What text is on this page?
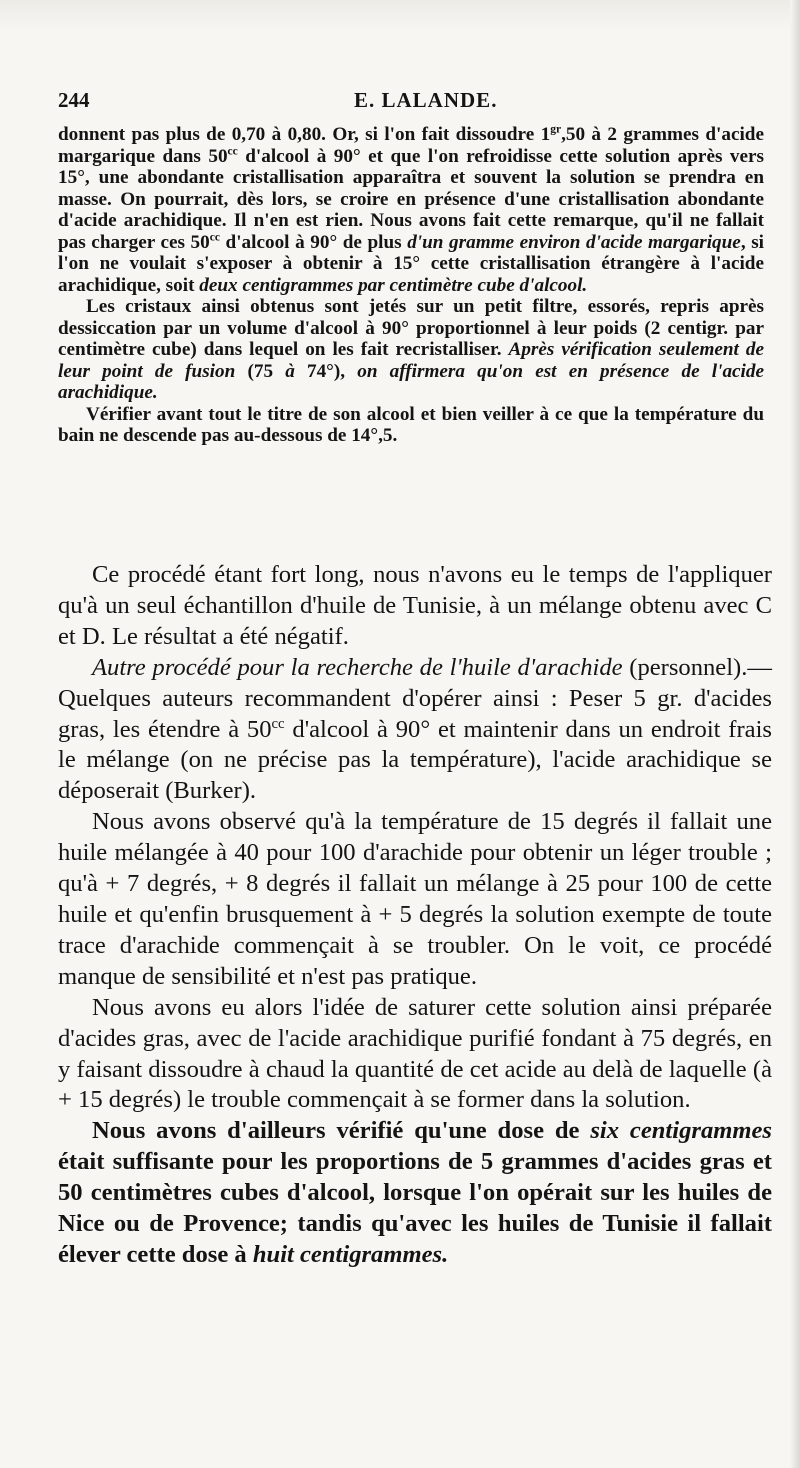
244	E. LALANDE.

donnent pas plus de 0,70 à 0,80. Or, si l'on fait dissoudre $1^{gr},50$ à 2 grammes d'acide margarique dans $50^{cc}$ d'alcool à 90° et que l'on refroidisse cette solution après vers 15°, une abondante cristallisation apparaîtra et souvent la solution se prendra en masse. On pourrait, dès lors, se croire en présence d'une cristallisation abondante d'acide arachidique. Il n'en est rien. Nous avons fait cette remarque, qu'il ne fallait pas charger ces $50^{cc}$ d'alcool à 90° de plus d'un gramme environ d'acide margarique, si l'on ne voulait s'exposer à obtenir à 15° cette cristallisation étrangère à l'acide arachidique, soit deux centigrammes par centimètre cube d'alcool.

Les cristaux ainsi obtenus sont jetés sur un petit filtre, essorés, repris après dessiccation par un volume d'alcool à 90° proportionnel à leur poids (2 centigr. par centimètre cube) dans lequel on les fait recristalliser. Après vérification seulement de leur point de fusion (75 à 74°), on affirmera qu'on est en présence de l'acide arachidique.

Vérifier avant tout le titre de son alcool et bien veiller à ce que la température du bain ne descende pas au-dessous de 14°,5.

Ce procédé étant fort long, nous n'avons eu le temps de l'appliquer qu'à un seul échantillon d'huile de Tunisie, à un mélange obtenu avec C et D. Le résultat a été négatif.

Autre procédé pour la recherche de l'huile d'arachide (personnel).— Quelques auteurs recommandent d'opérer ainsi : Peser 5 gr. d'acides gras, les étendre à $50^{cc}$ d'alcool à 90° et maintenir dans un endroit frais le mélange (on ne précise pas la température), l'acide arachidique se déposerait (Burker).

Nous avons observé qu'à la température de 15 degrés il fallait une huile mélangée à 40 pour 100 d'arachide pour obtenir un léger trouble ; qu'à + 7 degrés, + 8 degrés il fallait un mélange à 25 pour 100 de cette huile et qu'enfin brusquement à + 5 degrés la solution exempte de toute trace d'arachide commençait à se troubler. On le voit, ce procédé manque de sensibilité et n'est pas pratique.

Nous avons eu alors l'idée de saturer cette solution ainsi préparée d'acides gras, avec de l'acide arachidique purifié fondant à 75 degrés, en y faisant dissoudre à chaud la quantité de cet acide au delà de laquelle (à + 15 degrés) le trouble commençait à se former dans la solution.

Nous avons d'ailleurs vérifié qu'une dose de six centigrammes était suffisante pour les proportions de 5 grammes d'acides gras et 50 centimètres cubes d'alcool, lorsque l'on opérait sur les huiles de Nice ou de Provence; tandis qu'avec les huiles de Tunisie il fallait élever cette dose à huit centigrammes.
